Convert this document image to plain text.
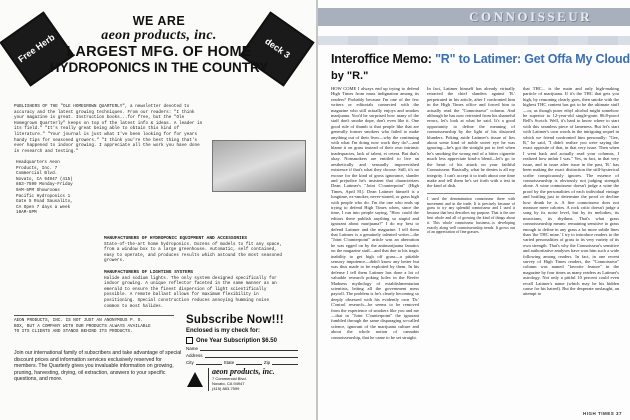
Free Herb	deck 3
WE ARE
aeon products, inc.
LARGEST MFG. OF HOME
HYDROPONICS IN THE COUNTRY
PUBLISHERS OF THE "OLE HOMEGROWN QUARTERLY", a newsletter devoted to accuracy and the latest growing techniques. From our readers: "I think your magazine is great. Instruction books...for free, but the "Ole Homegrown Quarterly" keeps on top of the latest info & ideas. A leader in its field." "It's really great being able to obtain this kind of literature." "Your journal is just what I've been looking for for years handy tips for seasoned growers." "I think you're the best thing that's ever happened to indoor growing. I appreciate all the work you have done in research and testing."
Headquarters Aeon Products, Inc. 7 Commercial Blvd. Novato, CA 94947 (415) 883-7599 Monday-Friday 9AM-5PM Showrooms Pacific Hydroponics 1 Gate 5 Road Sausalito, CA Open 7 days a week 10AM-5PM
MANUFACTURERS OF HYDROPONIC EQUIPMENT AND ACCESSORIES
State-of-the-art home hydroponics. Dozens of models to fit any space, from a window box to a large greenhouse. Automatic, self contained, easy to operate, and produces results which astound the most seasoned growers.
MANUFACTURERS OF LIGHTING SYSTEMS
Halide and sodium lights. The only system designed specifically for indoor growing. A unique reflector faceted in the same manner as an emerald to ensure the finest dispersion of light scientifically possible. A remote ballast allows for maximum flexibility in positioning. Special construction reduces annoying humming noise common to most halides.
AEON PRODUCTS, INC. IS NOT JUST AN ANONYMOUS P. O. BOX, BUT A COMPANY WITH OUR PRODUCTS ALWAYS AVAILABLE TO ITS CLIENTS AND STANDS BEHIND ITS PRODUCTS.
Join our international family of subscribers and take advantage of special discount prices and information services exclusively reserved for members. The Quarterly gives you invaluable information on growing, pruning, harvesting, drying, oil extraction, answers to your specific questions, and more.
Subscribe Now!!!
Enclosed is my check for:
One Year Subscription $6.50
Name
Address
City	State	Zip
aeon products, inc.
7 Commercial Blvd.
Novato, CA 94947
(415) 883-7599
CONNOISSEUR
Interoffice Memo: "R" to Latimer: Get Offa My Cloud
by "R."
HOW COME I always end up trying to defend High Times from mass indignation among its readers? Probably because I'm one of the few writers or editorials connected with the magazine who still actually enjoys and smokes marijuana. You'd be surprised how many of the staff don't smoke dope, don't even like it. One good rule of thumb is that people like that are generally former smokers who failed to make anything out of their lives—why the continuing with what I'm doing now work they do?—and blame it on grass instead of their own intrinsic inadequacies, lack of talent, et cetera. But that's okay. Nonsmokers are entitled to live an aesthetically and sensually impoverished existence if that's what they choose. Still, it's no excuse for the kind of gross ignorance, slander and prejudice he's insistent that characterizes Dean Latimer's "Joint C'ounterpoint" (High Times, April 81). Dean Latimer himself is a longtime, ex-smoker, never-stoned, or grass high with people who do. I'm the one who ends up trying to defend High Times when, since the time, I run into people saying, "How could the editors there publish anything so stupid and ignorant about marijuana?" I do my best to defend Latimer and the magazine. I tell them that Latimer is a genuinely talented writer—the "Joint C'ounterpoint" article was an aberration he was egged on by the antimarijuana fanatics on the magazine staff—and that due to his tragic inability to get high off grass—a pitiable sensory impotence—didn't know any better but was thus made to be exploited by them. In his defense I tell them Latimer has done a lot of valuable research poking holes in the Reefer Madness mythology of establishmentarian scientists, letting all the government mess payroll. The problem is he's clearly becoming so deeply obsessed with his evidently own 'Dr.' C'ontrol research—he seems to be removed from the experience of smokers like you and me—that in "Joint C'ounterpoint" the ignorant fumbled through the same disparaging so-called science, ignorant of the marijuana culture and about the whole notion of cannabis connoisseurship, that he came to be set straight.
In fact, Latimer himself has already virtually retracted the chief slanders against 'R.' perpetrated in his article, after I confronted him in the High Times office and forced him to actually read the "Connoisseur" column. And although he has now retreated from his shameful errors, let's look at what he said. It's a good opportunity to define the meaning of connoisseurship by the light of his distorted blunders. Poking aside Latimer's tissue of lies about some kind of noble sweet eye he was ignoring—he's got the straight pot to feel when he's smoking the wrong end of a bitter cigarette much less appreciate kind-a blend—let's go to the heart of his attack on your faithful Connoisseur. Basically, what he denies is all my integrity. I can't accept it to truth about one time make and tell them he's set forth with a test in the kind of dish.
I used the denomination connoisseur there with movement and in the trade. It is precisely because of grass to try any splendid connoisseur and I used it because that best describes my purpose. That is the one best whole and all of growing the kind of things about it. This whole connoisseur business...is developing exactly along well connoisseurship trends. It grows out of an appreciation of fine grasses.
that THC... is the main and only high-making particle of marijuana. If it's the THC that gets you high, by reasoning clearly goes, then smoke with the highest THC content has got to be the ultimate stuff—or, as though purer ethyl alcohol might somehow be superior to 12-year-old single-grain 86.8-proof Bell's Scotch. Well, it's hard to know where to start with this seamless piece of lameness. But let's start with Latimer's own words in the intriguing sequel in which we friend confronted him personally: "Gee, R," he said, "I didn't realize you were saying the exact opposite of that, in that very issue. Then when I went back and actually read your columns, I realized how unfair I was." Yes, in fact, in that very issue, and in issue after issue in the past, 'R.' has been making the exact distinction the still-hysterical scribe conspicuously ignores. The essence of connoisseurship is obviously not judging strength alone. A wine connoisseur doesn't judge a wine the proof by the personalities of each individual vintage and bottling just to determine the proof or decline how drunk he is. A fine connoisseur does not measure mere calories. A rock critic doesn't judge a song by its noise level, but by its melodies, its musicians, its rhythms. That's what grass connoisseurship means: remaining sensitive to grass enough to define in any grass a lot more subtle lines than 'the THC mine.' I try to introduce readers to the varied personalities of grass to its very variety of its own strength. That's why the Connoisseur's sensitive and authoritative analyses have won him such a wide following among readers. In fact, in one recent survey of High Times readers, the "Connoisseur" column was named "favorite feature" in the magazine by four times as many readers as Latimer's astrology. Not only a pitiful 10 percent could even recall Latimer's name (which may be his hidden cause for his hatred). But the desperate onslaught, an attempt to
HIGH TIMES 37
